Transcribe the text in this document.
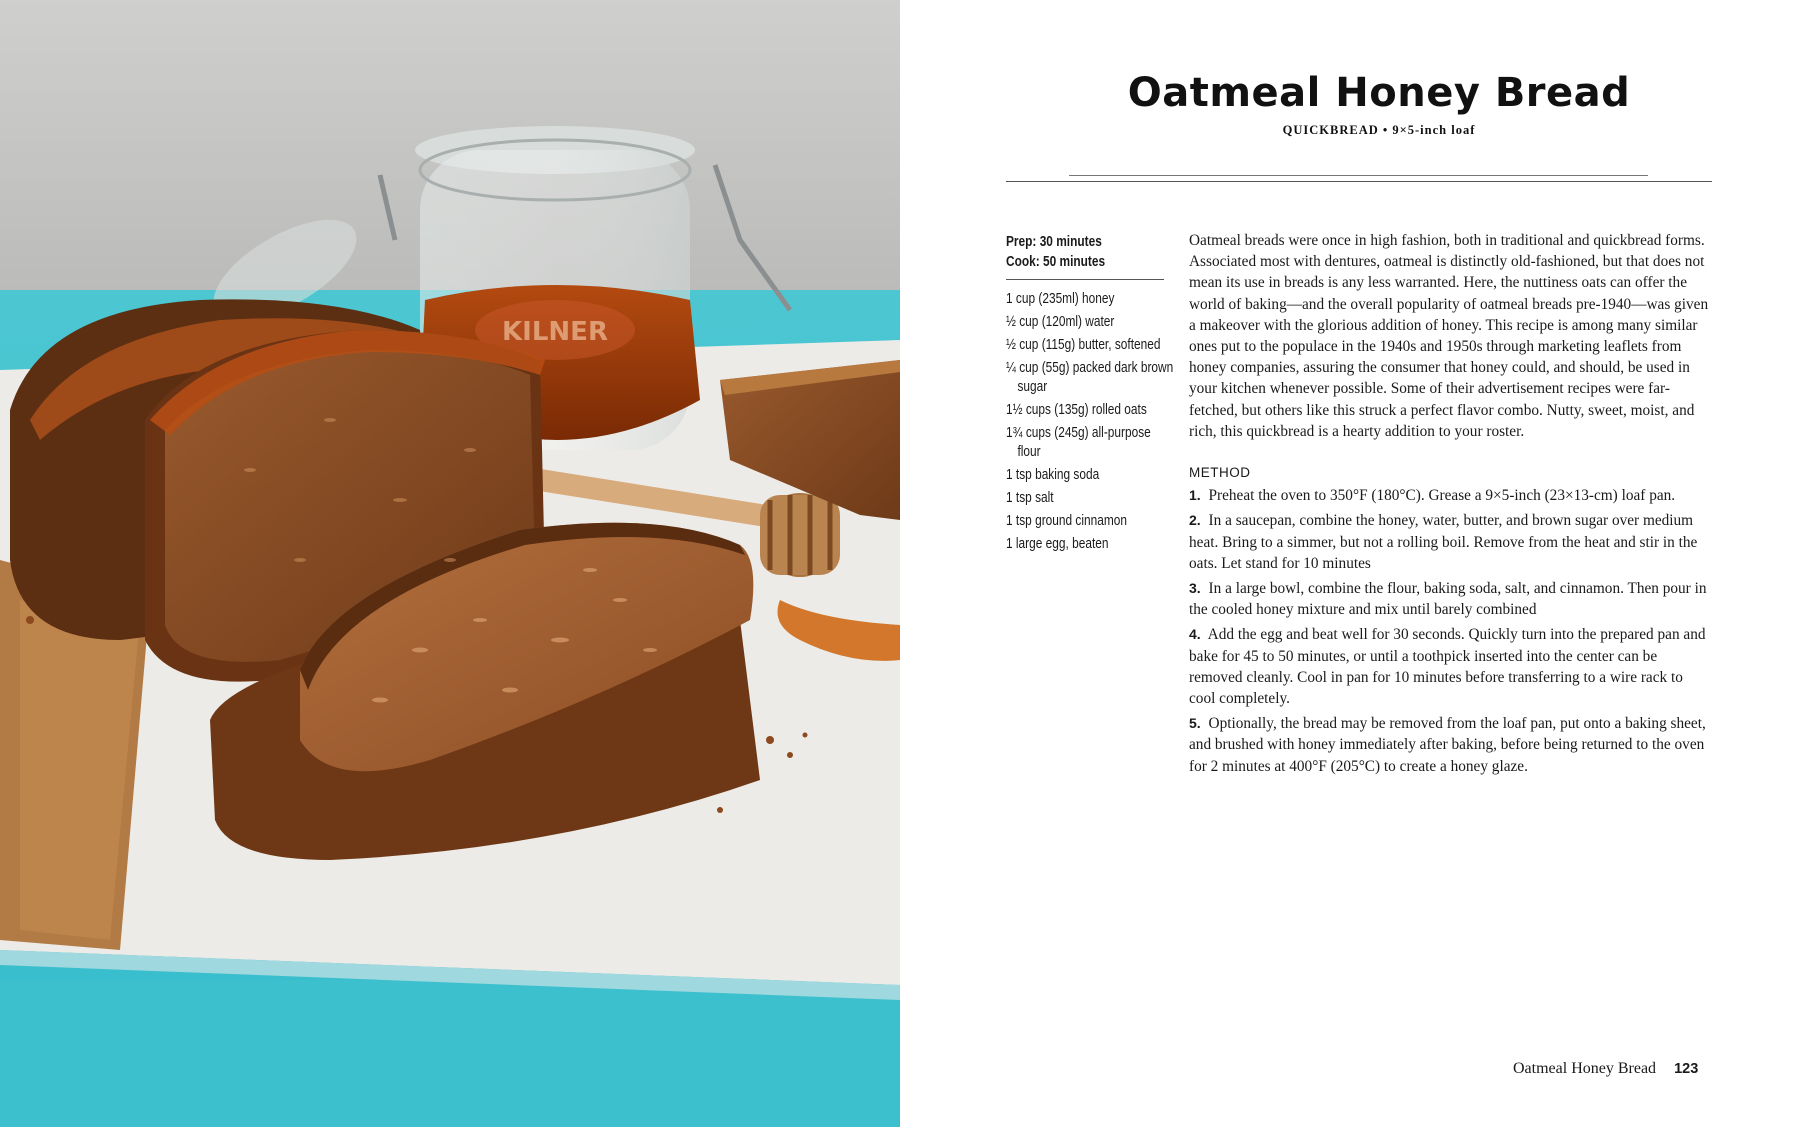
KILNER
Oatmeal Honey Bread
QUICKBREAD • 9×5-inch loaf
Prep: 30 minutes
Cook: 50 minutes
1 cup (235ml) honey
½ cup (120ml) water
½ cup (115g) butter, softened
¼ cup (55g) packed dark brown sugar
1½ cups (135g) rolled oats
1¾ cups (245g) all-purpose flour
1 tsp baking soda
1 tsp salt
1 tsp ground cinnamon
1 large egg, beaten

Oatmeal breads were once in high fashion, both in traditional and quickbread forms. Associated most with dentures, oatmeal is distinctly old-fashioned, but that does not mean its use in breads is any less warranted. Here, the nuttiness oats can offer the world of baking—and the overall popularity of oatmeal breads pre-1940—was given a makeover with the glorious addition of honey. This recipe is among many similar ones put to the populace in the 1940s and 1950s through marketing leaflets from honey companies, assuring the consumer that honey could, and should, be used in your kitchen whenever possible. Some of their advertisement recipes were far-fetched, but others like this struck a perfect flavor combo. Nutty, sweet, moist, and rich, this quickbread is a hearty addition to your roster.

METHOD
1. Preheat the oven to 350°F (180°C). Grease a 9×5-inch (23×13-cm) loaf pan.
2. In a saucepan, combine the honey, water, butter, and brown sugar over medium heat. Bring to a simmer, but not a rolling boil. Remove from the heat and stir in the oats. Let stand for 10 minutes
3. In a large bowl, combine the flour, baking soda, salt, and cinnamon. Then pour in the cooled honey mixture and mix until barely combined
4. Add the egg and beat well for 30 seconds. Quickly turn into the prepared pan and bake for 45 to 50 minutes, or until a toothpick inserted into the center can be removed cleanly. Cool in pan for 10 minutes before transferring to a wire rack to cool completely.
5. Optionally, the bread may be removed from the loaf pan, put onto a baking sheet, and brushed with honey immediately after baking, before being returned to the oven for 2 minutes at 400°F (205°C) to create a honey glaze.
Oatmeal Honey Bread 123
